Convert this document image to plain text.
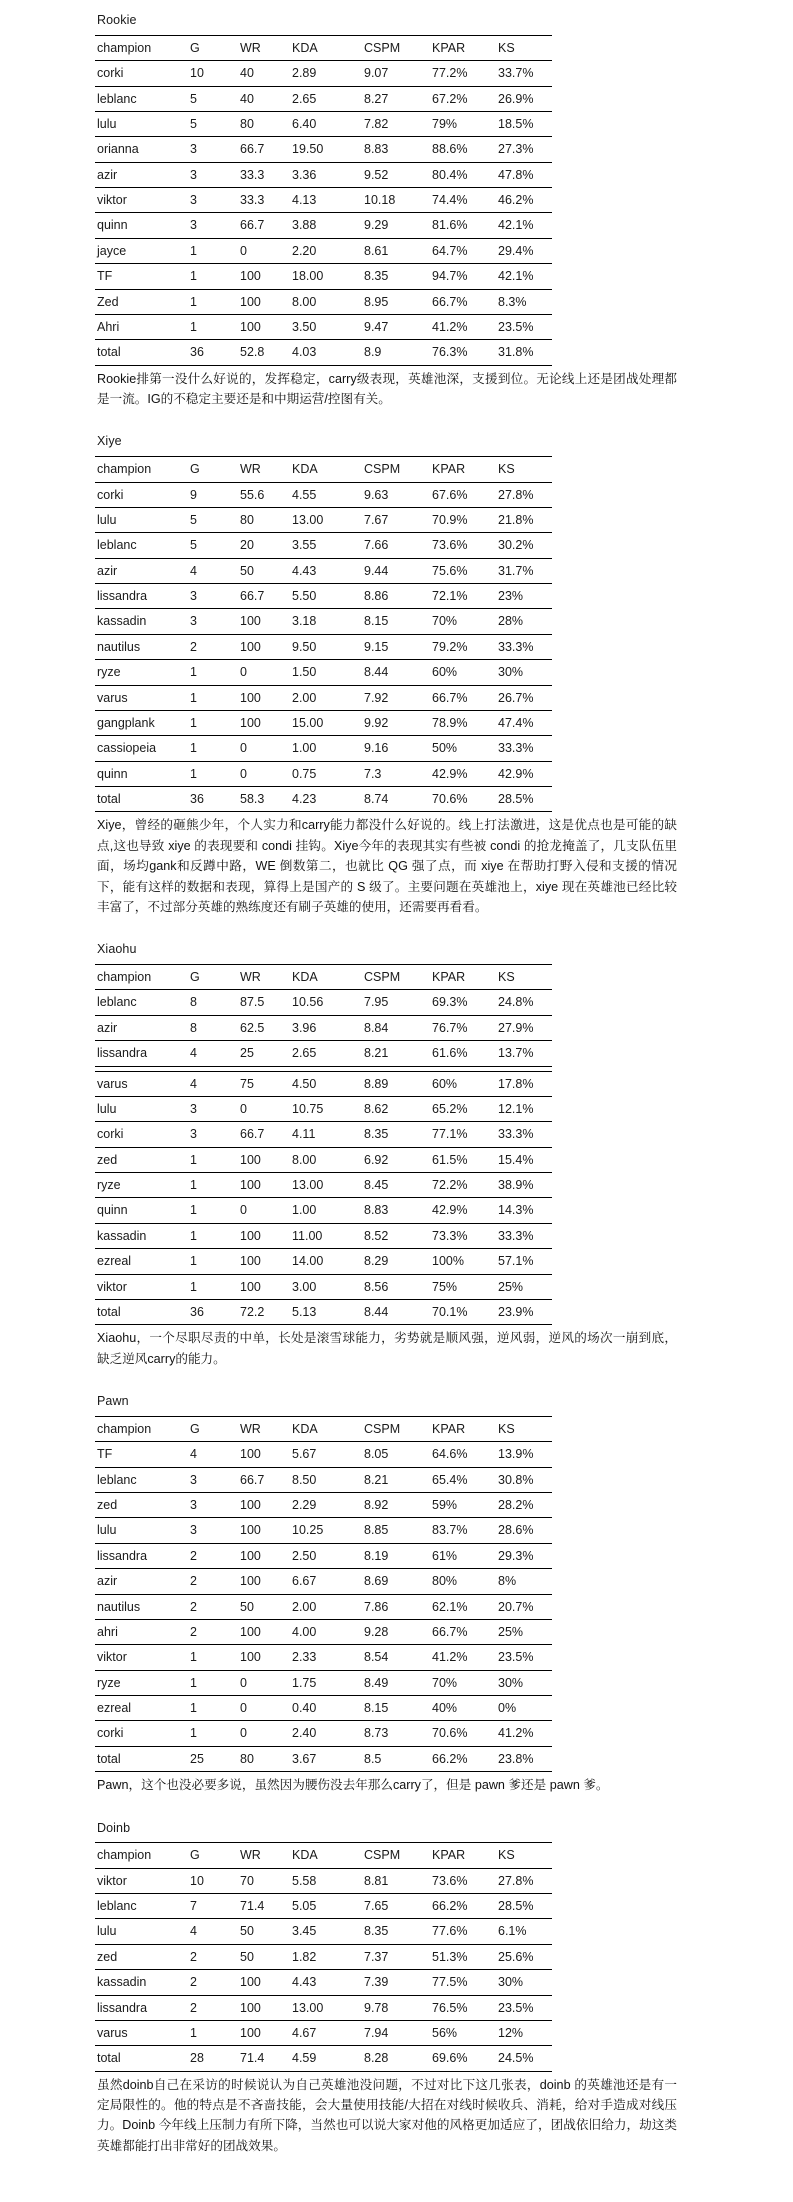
Rookie
champion	G	WR	KDA	CSPM	KPAR	KS
corki	10	40	2.89	9.07	77.2%	33.7%
leblanc	5	40	2.65	8.27	67.2%	26.9%
lulu	5	80	6.40	7.82	79%	18.5%
orianna	3	66.7	19.50	8.83	88.6%	27.3%
azir	3	33.3	3.36	9.52	80.4%	47.8%
viktor	3	33.3	4.13	10.18	74.4%	46.2%
quinn	3	66.7	3.88	9.29	81.6%	42.1%
jayce	1	0	2.20	8.61	64.7%	29.4%
TF	1	100	18.00	8.35	94.7%	42.1%
Zed	1	100	8.00	8.95	66.7%	8.3%
Ahri	1	100	3.50	9.47	41.2%	23.5%
total	36	52.8	4.03	8.9	76.3%	31.8%
Rookie排第一没什么好说的，发挥稳定，carry级表现，英雄池深，支援到位。无论线上还是团战处理都是一流。IG的不稳定主要还是和中期运营/控图有关。
Xiye
champion	G	WR	KDA	CSPM	KPAR	KS
corki	9	55.6	4.55	9.63	67.6%	27.8%
lulu	5	80	13.00	7.67	70.9%	21.8%
leblanc	5	20	3.55	7.66	73.6%	30.2%
azir	4	50	4.43	9.44	75.6%	31.7%
lissandra	3	66.7	5.50	8.86	72.1%	23%
kassadin	3	100	3.18	8.15	70%	28%
nautilus	2	100	9.50	9.15	79.2%	33.3%
ryze	1	0	1.50	8.44	60%	30%
varus	1	100	2.00	7.92	66.7%	26.7%
gangplank	1	100	15.00	9.92	78.9%	47.4%
cassiopeia	1	0	1.00	9.16	50%	33.3%
quinn	1	0	0.75	7.3	42.9%	42.9%
total	36	58.3	4.23	8.74	70.6%	28.5%
Xiye，曾经的砸熊少年，个人实力和carry能力都没什么好说的。线上打法激进，这是优点也是可能的缺点,这也导致 xiye 的表现要和 condi 挂钩。Xiye今年的表现其实有些被 condi 的抢龙掩盖了，几支队伍里面，场均gank和反蹲中路，WE 倒数第二，也就比 QG 强了点，而 xiye 在帮助打野入侵和支援的情况下，能有这样的数据和表现，算得上是国产的 S 级了。主要问题在英雄池上，xiye 现在英雄池已经比较丰富了，不过部分英雄的熟练度还有刷子英雄的使用，还需要再看看。
Xiaohu
champion	G	WR	KDA	CSPM	KPAR	KS
leblanc	8	87.5	10.56	7.95	69.3%	24.8%
azir	8	62.5	3.96	8.84	76.7%	27.9%
lissandra	4	25	2.65	8.21	61.6%	13.7%

varus	4	75	4.50	8.89	60%	17.8%
lulu	3	0	10.75	8.62	65.2%	12.1%
corki	3	66.7	4.11	8.35	77.1%	33.3%
zed	1	100	8.00	6.92	61.5%	15.4%
ryze	1	100	13.00	8.45	72.2%	38.9%
quinn	1	0	1.00	8.83	42.9%	14.3%
kassadin	1	100	11.00	8.52	73.3%	33.3%
ezreal	1	100	14.00	8.29	100%	57.1%
viktor	1	100	3.00	8.56	75%	25%
total	36	72.2	5.13	8.44	70.1%	23.9%
Xiaohu，一个尽职尽责的中单，长处是滚雪球能力，劣势就是顺风强，逆风弱，逆风的场次一崩到底，缺乏逆风carry的能力。
Pawn
champion	G	WR	KDA	CSPM	KPAR	KS
TF	4	100	5.67	8.05	64.6%	13.9%
leblanc	3	66.7	8.50	8.21	65.4%	30.8%
zed	3	100	2.29	8.92	59%	28.2%
lulu	3	100	10.25	8.85	83.7%	28.6%
lissandra	2	100	2.50	8.19	61%	29.3%
azir	2	100	6.67	8.69	80%	8%
nautilus	2	50	2.00	7.86	62.1%	20.7%
ahri	2	100	4.00	9.28	66.7%	25%
viktor	1	100	2.33	8.54	41.2%	23.5%
ryze	1	0	1.75	8.49	70%	30%
ezreal	1	0	0.40	8.15	40%	0%
corki	1	0	2.40	8.73	70.6%	41.2%
total	25	80	3.67	8.5	66.2%	23.8%
Pawn，这个也没必要多说，虽然因为腰伤没去年那么carry了，但是 pawn 爹还是 pawn 爹。
Doinb
champion	G	WR	KDA	CSPM	KPAR	KS
viktor	10	70	5.58	8.81	73.6%	27.8%
leblanc	7	71.4	5.05	7.65	66.2%	28.5%
lulu	4	50	3.45	8.35	77.6%	6.1%
zed	2	50	1.82	7.37	51.3%	25.6%
kassadin	2	100	4.43	7.39	77.5%	30%
lissandra	2	100	13.00	9.78	76.5%	23.5%
varus	1	100	4.67	7.94	56%	12%
total	28	71.4	4.59	8.28	69.6%	24.5%
虽然doinb自己在采访的时候说认为自己英雄池没问题，不过对比下这几张表，doinb 的英雄池还是有一定局限性的。他的特点是不吝啬技能，会大量使用技能/大招在对线时候收兵、消耗，给对手造成对线压力。Doinb 今年线上压制力有所下降，当然也可以说大家对他的风格更加适应了，团战依旧给力，劫这类英雄都能打出非常好的团战效果。
